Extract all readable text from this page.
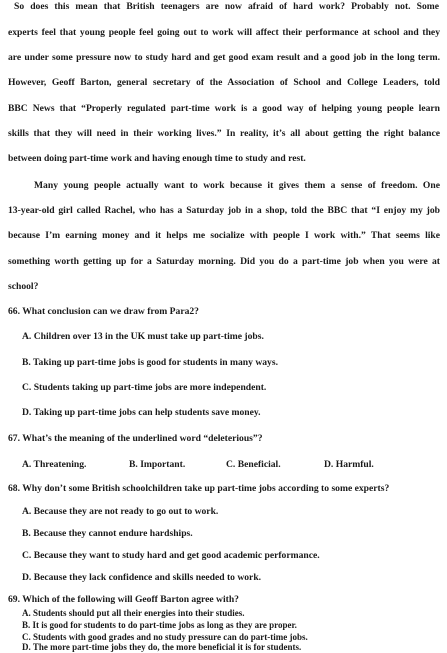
So does this mean that British teenagers are now afraid of hard work? Probably not. Some
experts feel that young people feel going out to work will affect their performance at school and they
are under some pressure now to study hard and get good exam result and a good job in the long term.
However, Geoff Barton, general secretary of the Association of School and College Leaders, told
BBC News that “Properly regulated part-time work is a good way of helping young people learn
skills that they will need in their working lives.” In reality, it’s all about getting the right balance
between doing part-time work and having enough time to study and rest.
Many young people actually want to work because it gives them a sense of freedom. One
13-year-old girl called Rachel, who has a Saturday job in a shop, told the BBC that “I enjoy my job
because I’m earning money and it helps me socialize with people I work with.” That seems like
something worth getting up for a Saturday morning. Did you do a part-time job when you were at
school?
66. What conclusion can we draw from Para2?
A. Children over 13 in the UK must take up part-time jobs.
B. Taking up part-time jobs is good for students in many ways.
C. Students taking up part-time jobs are more independent.
D. Taking up part-time jobs can help students save money.
67. What’s the meaning of the underlined word “deleterious”?
A. Threatening.	B. Important.	C. Beneficial.	D. Harmful.
68. Why don’t some British schoolchildren take up part-time jobs according to some experts?
A. Because they are not ready to go out to work.
B. Because they cannot endure hardships.
C. Because they want to study hard and get good academic performance.
D. Because they lack confidence and skills needed to work.
69. Which of the following will Geoff Barton agree with?
A. Students should put all their energies into their studies.
B. It is good for students to do part-time jobs as long as they are proper.
C. Students with good grades and no study pressure can do part-time jobs.
D. The more part-time jobs they do, the more beneficial it is for students.
